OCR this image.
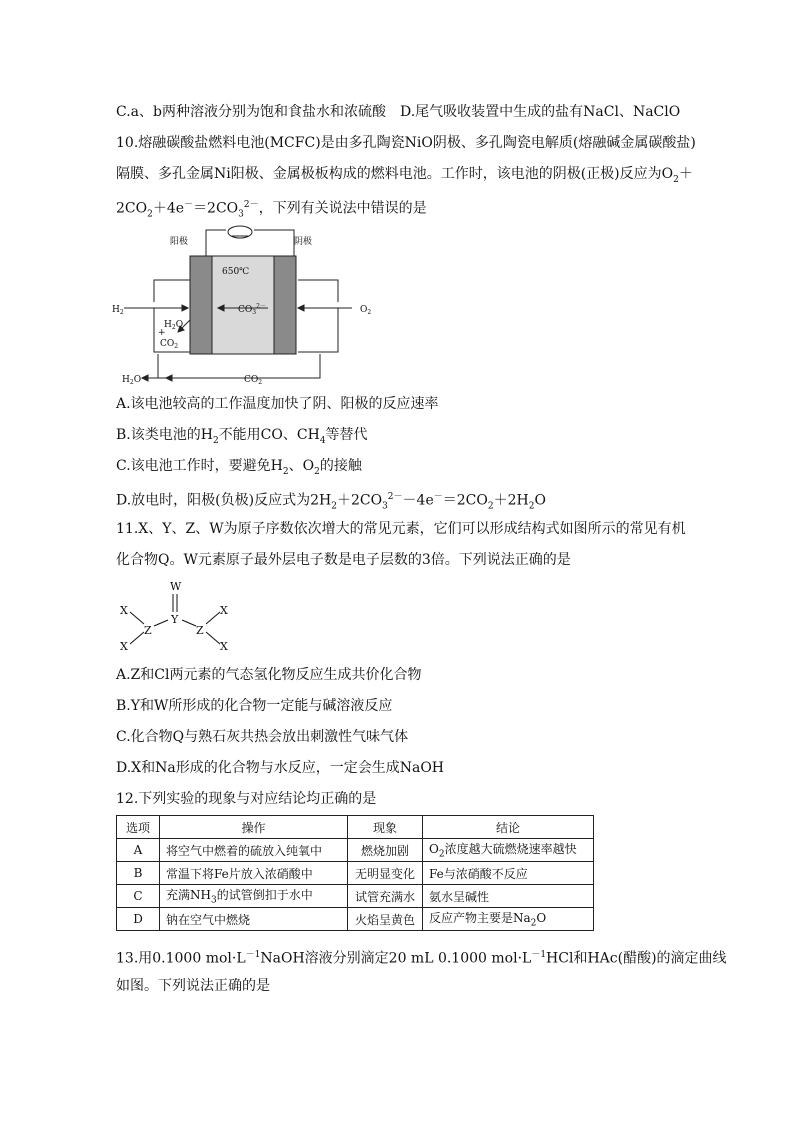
C.a、b两种溶液分别为饱和食盐水和浓硫酸 D.尾气吸收装置中生成的盐有NaCl、NaClO
10.熔融碳酸盐燃料电池(MCFC)是由多孔陶瓷NiO阴极、多孔陶瓷电解质(熔融碱金属碳酸盐)
隔膜、多孔金属Ni阳极、金属极板构成的燃料电池。工作时，该电池的阴极(正极)反应为$O_2+$
$2CO_2+4e^-=2CO_3^{2-}$，下列有关说法中错误的是
阳极	阴极
650℃
$H_2$	$O_2$
$CO_3^{2-}$
$H_2O$
+
$CO_2$
$H_2O$	$CO_2$
A.该电池较高的工作温度加快了阴、阳极的反应速率
B.该类电池的$H_2$不能用CO、$CH_4$等替代
C.该电池工作时，要避免$H_2$、$O_2$的接触
D.放电时，阳极(负极)反应式为$2H_2+2CO_3^{2-}-4e^-=2CO_2+2H_2O$
11.X、Y、Z、W为原子序数依次增大的常见元素，它们可以形成结构式如图所示的常见有机
化合物Q。W元素原子最外层电子数是电子层数的3倍。下列说法正确的是
W
Y
Z	Z
X
X
X
X
A.Z和Cl两元素的气态氢化物反应生成共价化合物
B.Y和W所形成的化合物一定能与碱溶液反应
C.化合物Q与熟石灰共热会放出刺激性气味气体
D.X和Na形成的化合物与水反应，一定会生成NaOH
12.下列实验的现象与对应结论均正确的是
选项	操作	现象	结论
A	将空气中燃着的硫放入纯氧中	燃烧加剧	$O_2$浓度越大硫燃烧速率越快
B	常温下将Fe片放入浓硝酸中	无明显变化	Fe与浓硝酸不反应
C	充满$NH_3$的试管倒扣于水中	试管充满水	氨水呈碱性
D	钠在空气中燃烧	火焰呈黄色	反应产物主要是$Na_2O$
13.用0.1000 $mol\cdot L^{-1}NaOH$溶液分别滴定20 mL 0.1000 $mol\cdot L^{-1}HCl$和HAc(醋酸)的滴定曲线
如图。下列说法正确的是
